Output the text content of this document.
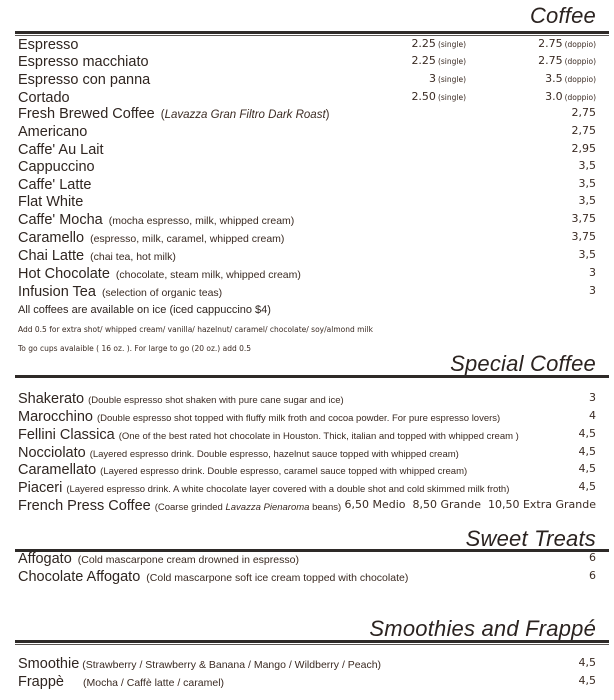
Coffee
Espresso	2.25 (single)	2.75 (doppio)
Espresso macchiato	2.25 (single)	2.75 (doppio)
Espresso con panna	3 (single)	3.5 (doppio)
Cortado	2.50 (single)	3.0 (doppio)
Fresh Brewed Coffee (Lavazza Gran Filtro Dark Roast)	2,75
Americano	2,75
Caffe' Au Lait	2,95
Cappuccino	3,5
Caffe' Latte	3,5
Flat White	3,5
Caffe' Mocha (mocha espresso, milk, whipped cream)	3,75
Caramello (espresso, milk, caramel, whipped cream)	3,75
Chai Latte (chai tea, hot milk)	3,5
Hot Chocolate (chocolate, steam milk, whipped cream)	3
Infusion Tea (selection of organic teas)	3
All coffees are available on ice (iced cappuccino $4)
Add 0.5 for extra shot/ whipped cream/ vanilla/ hazelnut/ caramel/ chocolate/ soy/almond milk
To go cups avalaible ( 16 oz. ). For large to go (20 oz.) add 0.5
Special Coffee
Shakerato (Double espresso shot shaken with pure cane sugar and ice)	3
Marocchino (Double espresso shot topped with fluffy milk froth and cocoa powder. For pure espresso lovers)	4
Fellini Classica (One of the best rated hot chocolate in Houston. Thick, italian and topped with whipped cream )	4,5
Nocciolato (Layered espresso drink. Double espresso, hazelnut sauce topped with whipped cream)	4,5
Caramellato (Layered espresso drink. Double espresso, caramel sauce topped with whipped cream)	4,5
Piaceri (Layered espresso drink. A white chocolate layer covered with a double shot and cold skimmed milk froth)	4,5
French Press Coffee (Coarse grinded Lavazza Pienaroma beans) 6,50 Medio  8,50 Grande  10,50 Extra Grande
Sweet Treats
Affogato (Cold mascarpone cream drowned in espresso)	6
Chocolate Affogato (Cold mascarpone soft ice cream topped with chocolate)	6
Smoothies and Frappé
Smoothie (Strawberry / Strawberry & Banana / Mango / Wildberry / Peach)	4,5
Frappè	(Mocha / Caffè latte / caramel)	4,5
